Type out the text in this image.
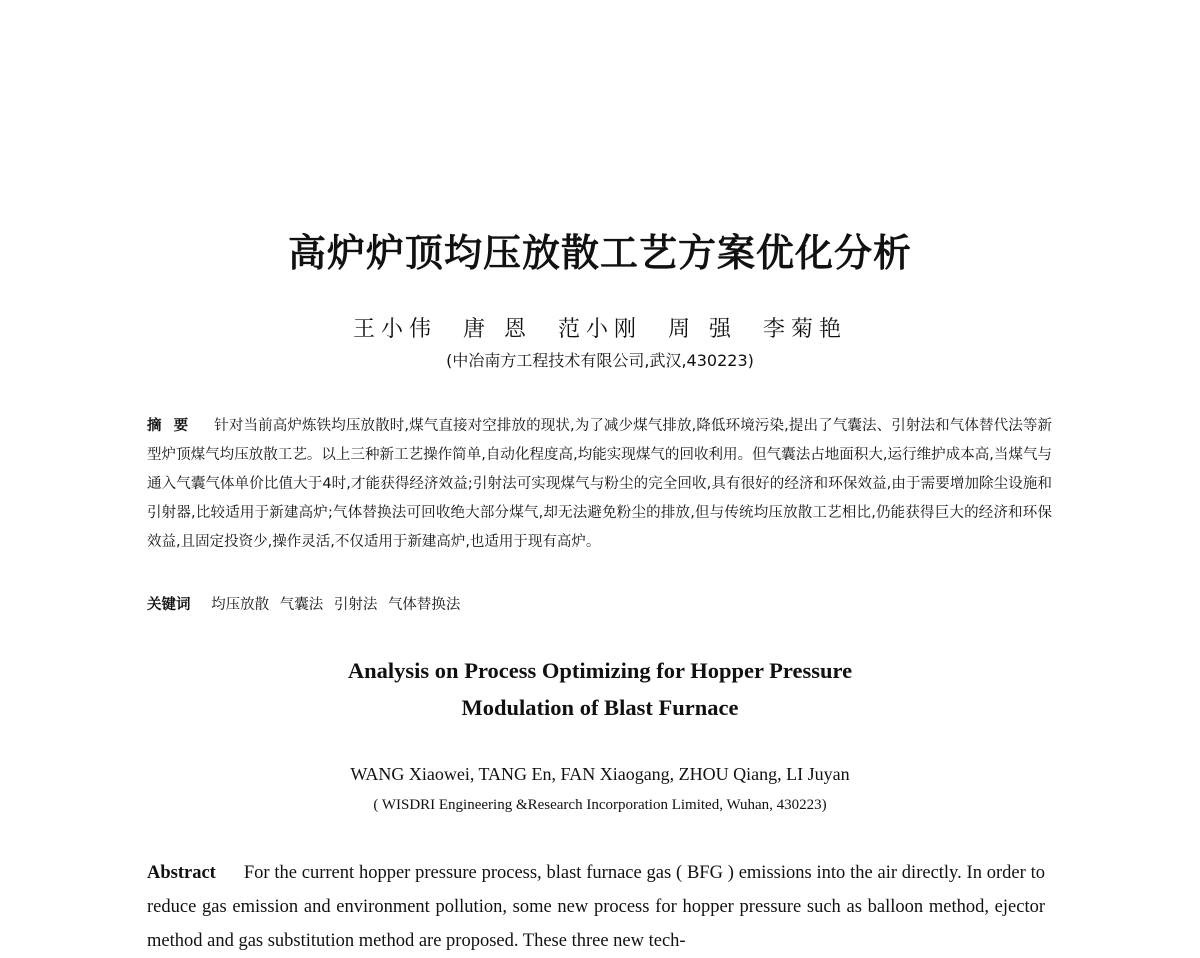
高炉炉顶均压放散工艺方案优化分析
王小伟 唐 恩 范小刚 周 强 李菊艳
(中冶南方工程技术有限公司,武汉,430223)
摘要 针对当前高炉炼铁均压放散时,煤气直接对空排放的现状,为了减少煤气排放,降低环境污染,提出了气囊法、引射法和气体替代法等新型炉顶煤气均压放散工艺。以上三种新工艺操作简单,自动化程度高,均能实现煤气的回收利用。但气囊法占地面积大,运行维护成本高,当煤气与通入气囊气体单价比值大于4时,才能获得经济效益;引射法可实现煤气与粉尘的完全回收,具有很好的经济和环保效益,由于需要增加除尘设施和引射器,比较适用于新建高炉;气体替换法可回收绝大部分煤气,却无法避免粉尘的排放,但与传统均压放散工艺相比,仍能获得巨大的经济和环保效益,且固定投资少,操作灵活,不仅适用于新建高炉,也适用于现有高炉。
关键词 均压放散 气囊法 引射法 气体替换法
Analysis on Process Optimizing for Hopper Pressure
Modulation of Blast Furnace
WANG Xiaowei, TANG En, FAN Xiaogang, ZHOU Qiang, LI Juyan
( WISDRI Engineering &Research Incorporation Limited, Wuhan, 430223)
Abstract For the current hopper pressure process, blast furnace gas ( BFG ) emissions into the air directly. In order to reduce gas emission and environment pollution, some new process for hopper pressure such as balloon method, ejector method and gas substitution method are proposed. These three new tech-
